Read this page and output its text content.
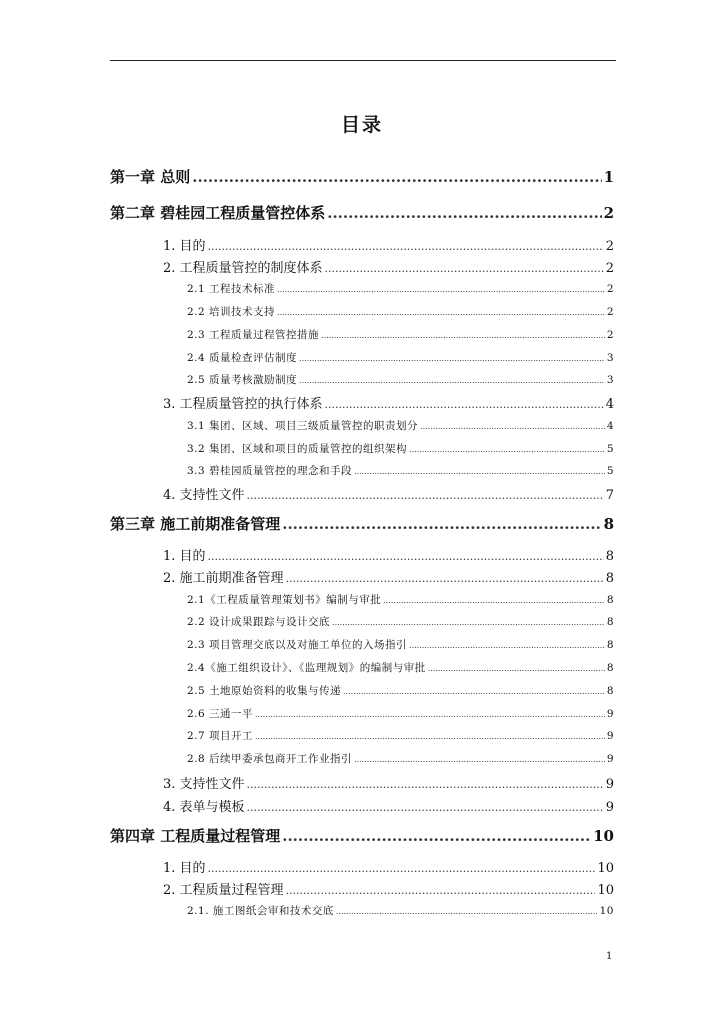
目录
第一章 总则 .....	1
第二章 碧桂园工程质量管控体系 .....	2
1. 目的 .....	2
2. 工程质量管控的制度体系 .....	2
2.1 工程技术标准 .....	2
2.2 培训技术支持 .....	2
2.3 工程质量过程管控措施 .....	2
2.4 质量检查评估制度 .....	3
2.5 质量考核激励制度 .....	3
3. 工程质量管控的执行体系 .....	4
3.1 集团、区域、项目三级质量管控的职责划分 .....	4
3.2 集团、区域和项目的质量管控的组织架构 .....	5
3.3 碧桂园质量管控的理念和手段 .....	5
4. 支持性文件 .....	7
第三章 施工前期准备管理 .....	8
1. 目的 .....	8
2. 施工前期准备管理 .....	8
2.1《工程质量管理策划书》编制与审批 .....	8
2.2 设计成果跟踪与设计交底 .....	8
2.3 项目管理交底以及对施工单位的入场指引 .....	8
2.4《施工组织设计》、《监理规划》的编制与审批 .....	8
2.5 土地原始资料的收集与传递 .....	8
2.6 三通一平 .....	9
2.7 项目开工 .....	9
2.8 后续甲委承包商开工作业指引 .....	9
3. 支持性文件 .....	9
4. 表单与模板 .....	9
第四章 工程质量过程管理 .....	10
1. 目的 .....	10
2. 工程质量过程管理 .....	10
2.1. 施工图纸会审和技术交底 .....	10
1
